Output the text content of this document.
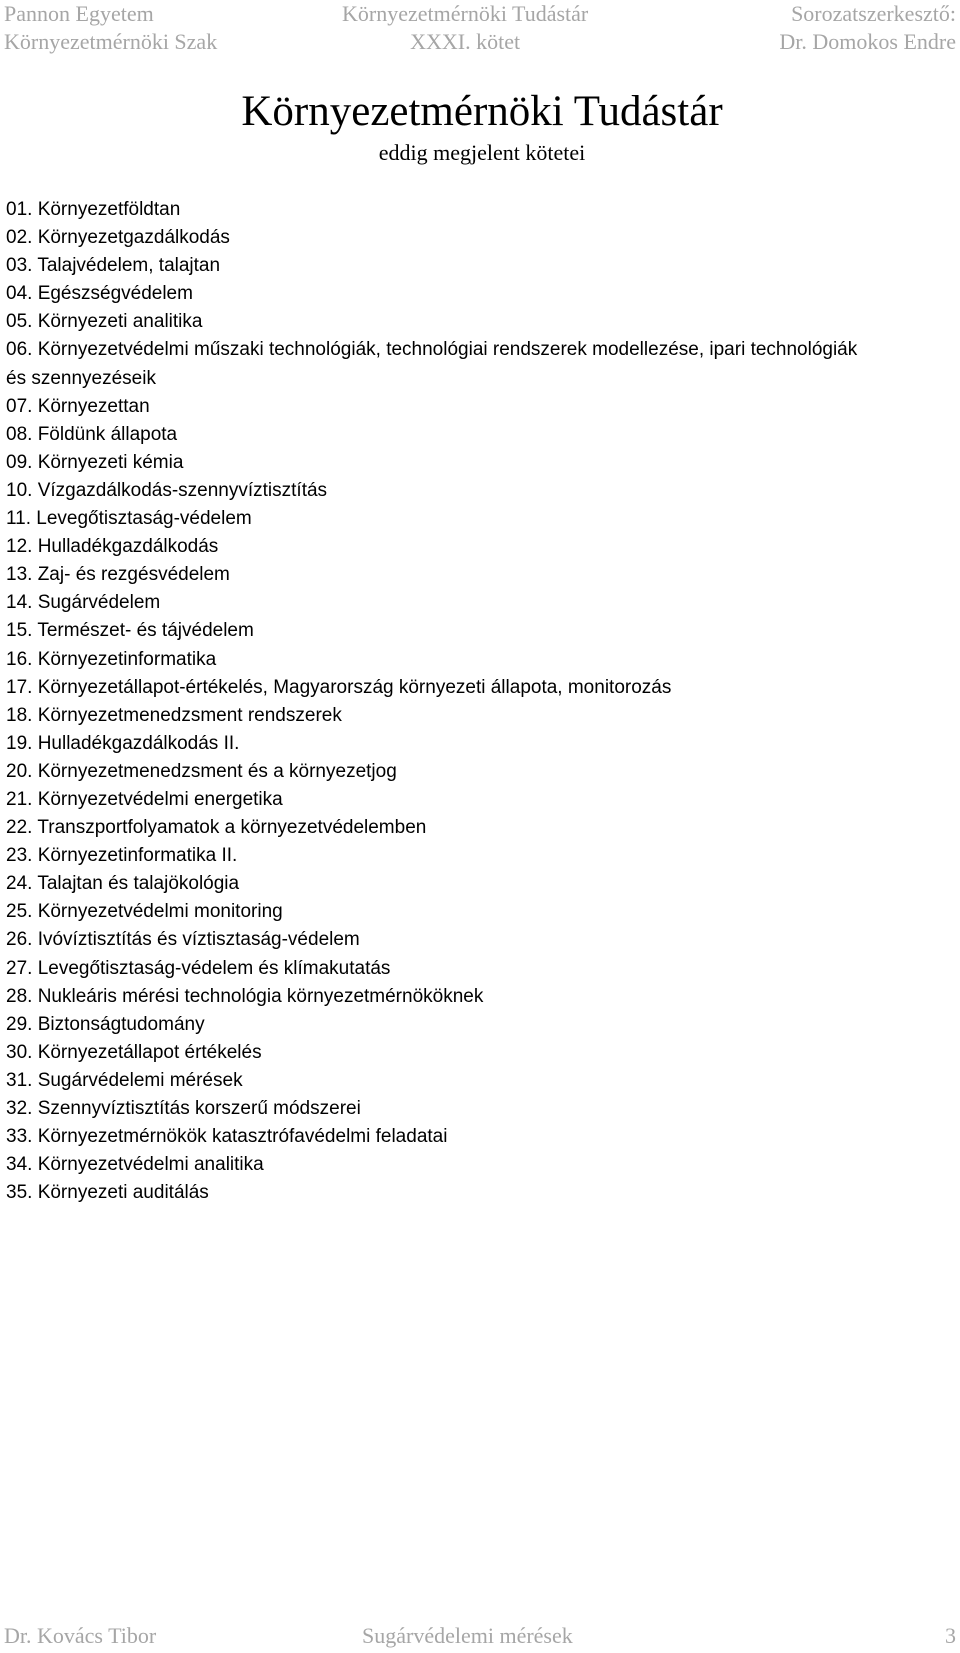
Pannon Egyetem
Környezetmérnöki Szak
Környezetmérnöki Tudástár
XXXI. kötet
Sorozatszerkesztő:
Dr. Domokos Endre
Környezetmérnöki Tudástár
eddig megjelent kötetei
01. Környezetföldtan
02. Környezetgazdálkodás
03. Talajvédelem, talajtan
04. Egészségvédelem
05. Környezeti analitika
06. Környezetvédelmi műszaki technológiák, technológiai rendszerek modellezése, ipari technológiák
és szennyezéseik
07. Környezettan
08. Földünk állapota
09. Környezeti kémia
10. Vízgazdálkodás-szennyvíztisztítás
11. Levegőtisztaság-védelem
12. Hulladékgazdálkodás
13. Zaj- és rezgésvédelem
14. Sugárvédelem
15. Természet- és tájvédelem
16. Környezetinformatika
17. Környezetállapot-értékelés, Magyarország környezeti állapota, monitorozás
18. Környezetmenedzsment rendszerek
19. Hulladékgazdálkodás II.
20. Környezetmenedzsment és a környezetjog
21. Környezetvédelmi energetika
22. Transzportfolyamatok a környezetvédelemben
23. Környezetinformatika II.
24. Talajtan és talajökológia
25. Környezetvédelmi monitoring
26. Ivóvíztisztítás és víztisztaság-védelem
27. Levegőtisztaság-védelem és klímakutatás
28. Nukleáris mérési technológia környezetmérnököknek
29. Biztonságtudomány
30. Környezetállapot értékelés
31. Sugárvédelemi mérések
32. Szennyvíztisztítás korszerű módszerei
33. Környezetmérnökök katasztrófavédelmi feladatai
34. Környezetvédelmi analitika
35. Környezeti auditálás
Dr. Kovács Tibor	Sugárvédelemi mérések	3
